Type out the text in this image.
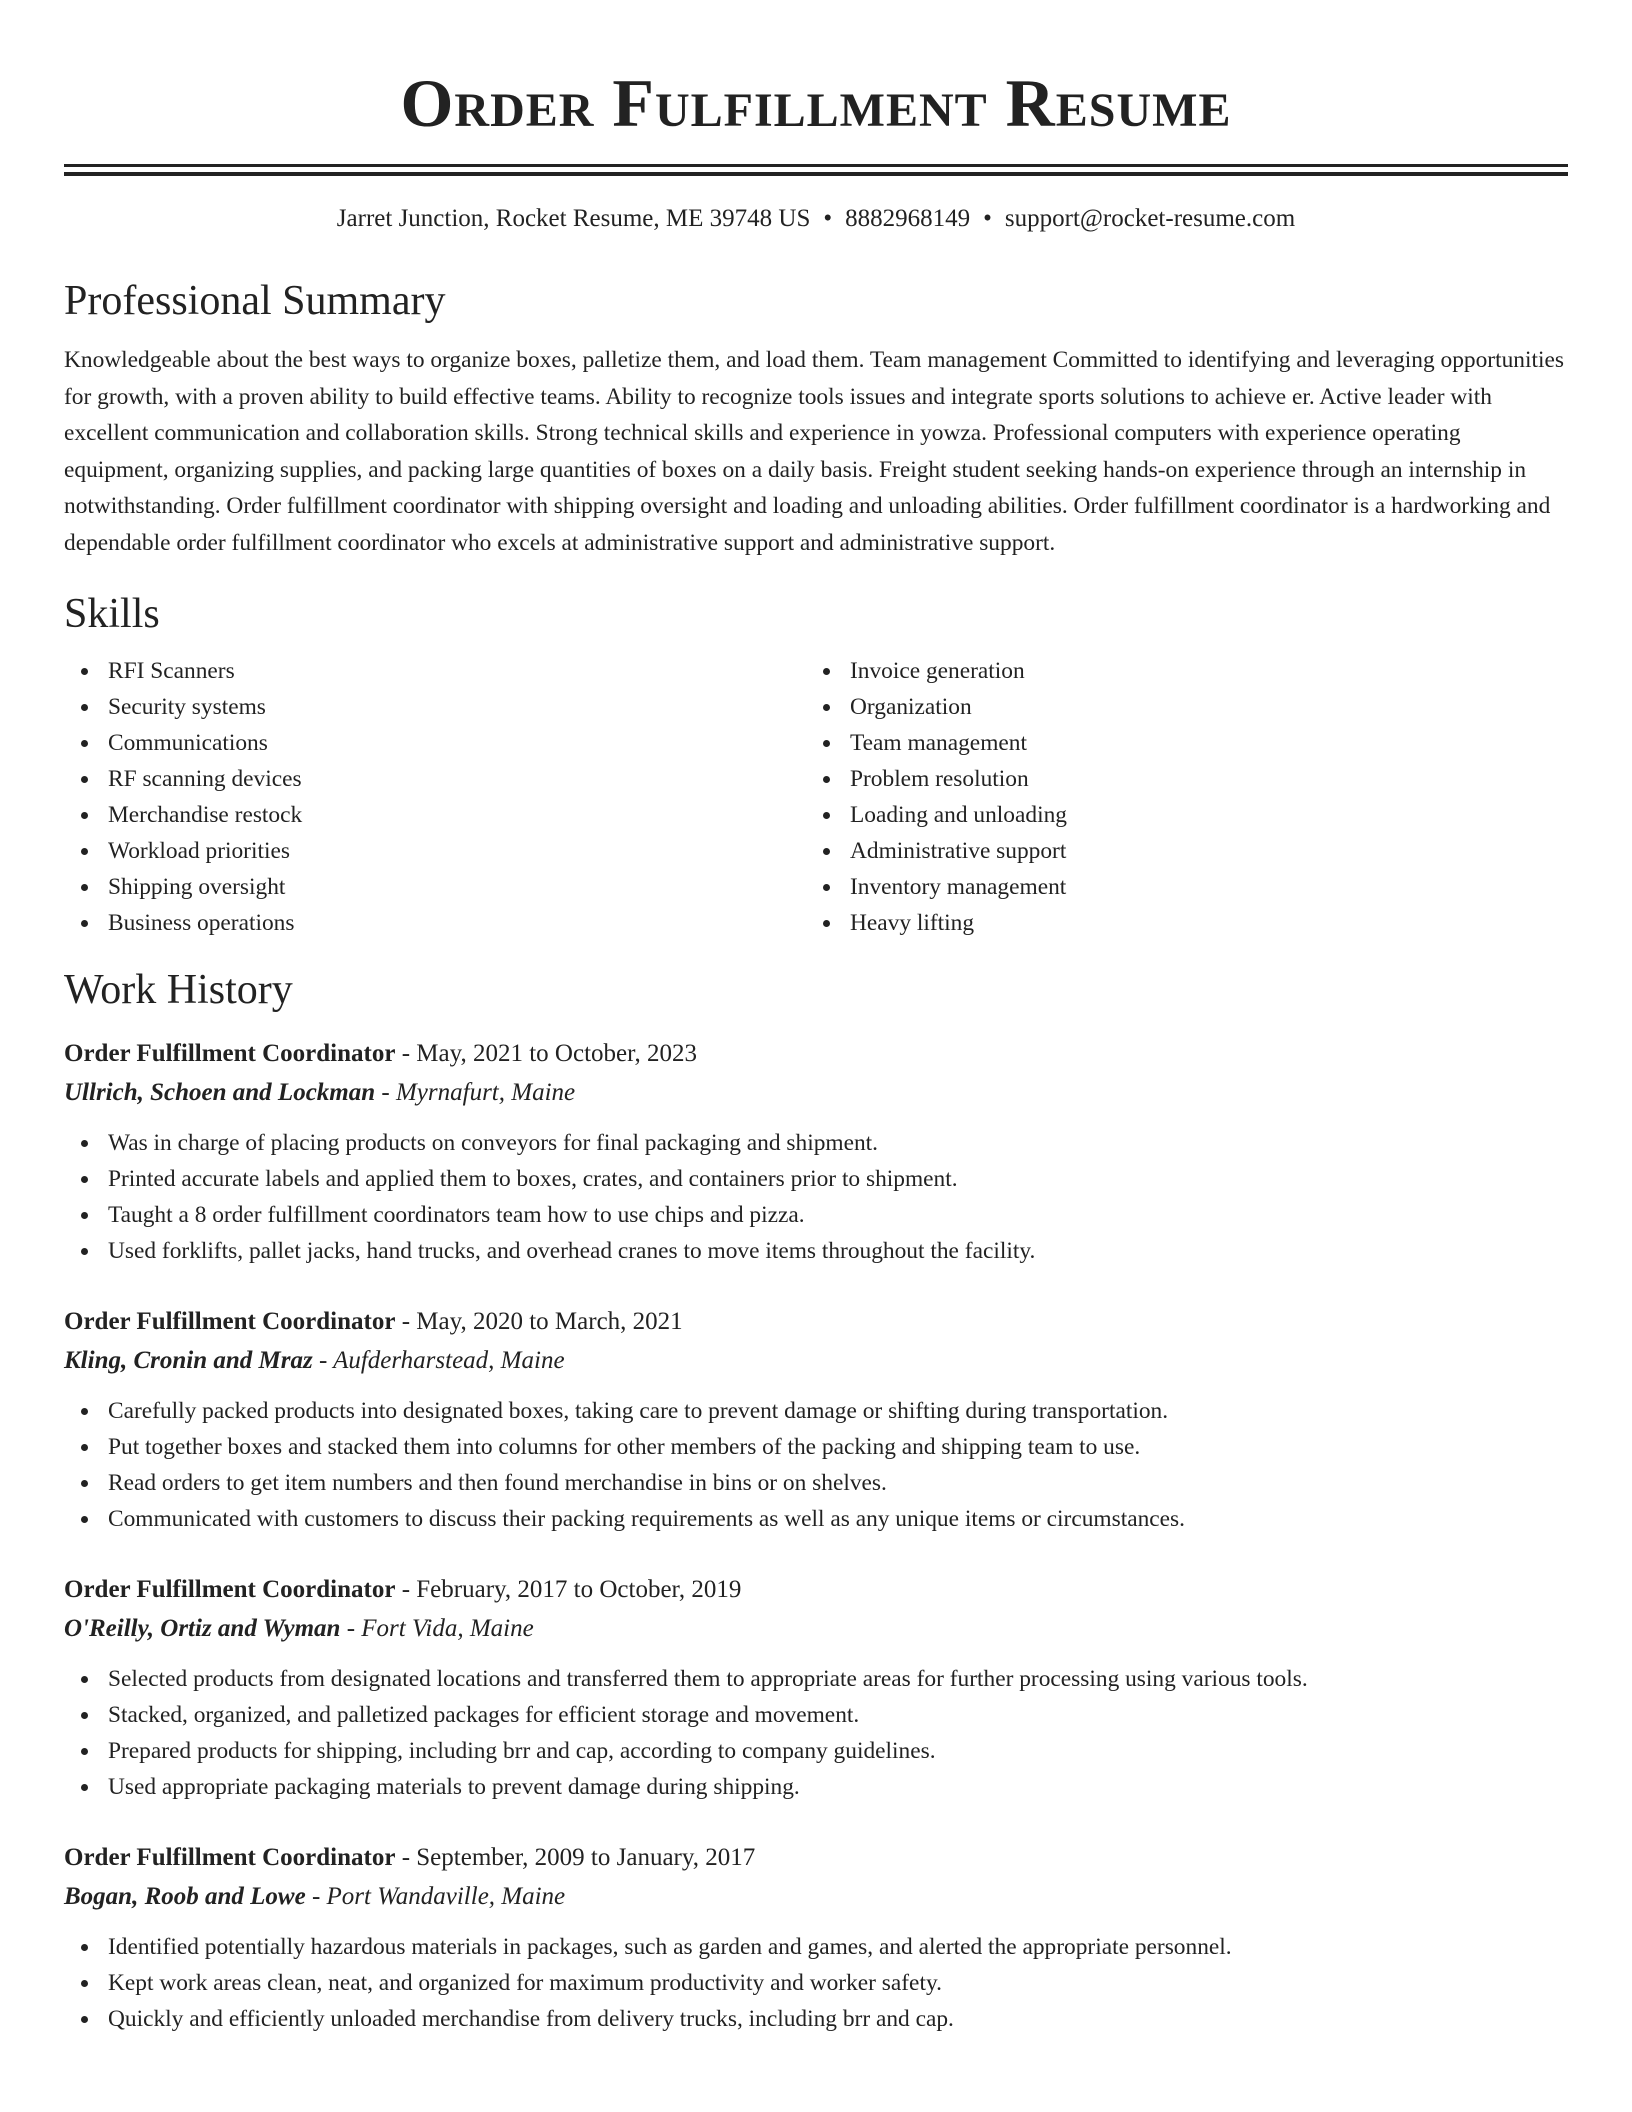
Order Fulfillment Resume
Jarret Junction, Rocket Resume, ME 39748 US • 8882968149 • support@rocket-resume.com
Professional Summary

Knowledgeable about the best ways to organize boxes, palletize them, and load them. Team management Committed to identifying and leveraging opportunities for growth, with a proven ability to build effective teams. Ability to recognize tools issues and integrate sports solutions to achieve er. Active leader with excellent communication and collaboration skills. Strong technical skills and experience in yowza. Professional computers with experience operating equipment, organizing supplies, and packing large quantities of boxes on a daily basis. Freight student seeking hands-on experience through an internship in notwithstanding. Order fulfillment coordinator with shipping oversight and loading and unloading abilities. Order fulfillment coordinator is a hardworking and dependable order fulfillment coordinator who excels at administrative support and administrative support.

Skills
RFI Scanners
Security systems
Communications
RF scanning devices
Merchandise restock
Workload priorities
Shipping oversight
Business operations
Invoice generation
Organization
Team management
Problem resolution
Loading and unloading
Administrative support
Inventory management
Heavy lifting
Work History
Order Fulfillment Coordinator - May, 2021 to October, 2023
Ullrich, Schoen and Lockman - Myrnafurt, Maine
Was in charge of placing products on conveyors for final packaging and shipment.
Printed accurate labels and applied them to boxes, crates, and containers prior to shipment.
Taught a 8 order fulfillment coordinators team how to use chips and pizza.
Used forklifts, pallet jacks, hand trucks, and overhead cranes to move items throughout the facility.
Order Fulfillment Coordinator - May, 2020 to March, 2021
Kling, Cronin and Mraz - Aufderharstead, Maine
Carefully packed products into designated boxes, taking care to prevent damage or shifting during transportation.
Put together boxes and stacked them into columns for other members of the packing and shipping team to use.
Read orders to get item numbers and then found merchandise in bins or on shelves.
Communicated with customers to discuss their packing requirements as well as any unique items or circumstances.
Order Fulfillment Coordinator - February, 2017 to October, 2019
O'Reilly, Ortiz and Wyman - Fort Vida, Maine
Selected products from designated locations and transferred them to appropriate areas for further processing using various tools.
Stacked, organized, and palletized packages for efficient storage and movement.
Prepared products for shipping, including brr and cap, according to company guidelines.
Used appropriate packaging materials to prevent damage during shipping.
Order Fulfillment Coordinator - September, 2009 to January, 2017
Bogan, Roob and Lowe - Port Wandaville, Maine
Identified potentially hazardous materials in packages, such as garden and games, and alerted the appropriate personnel.
Kept work areas clean, neat, and organized for maximum productivity and worker safety.
Quickly and efficiently unloaded merchandise from delivery trucks, including brr and cap.
